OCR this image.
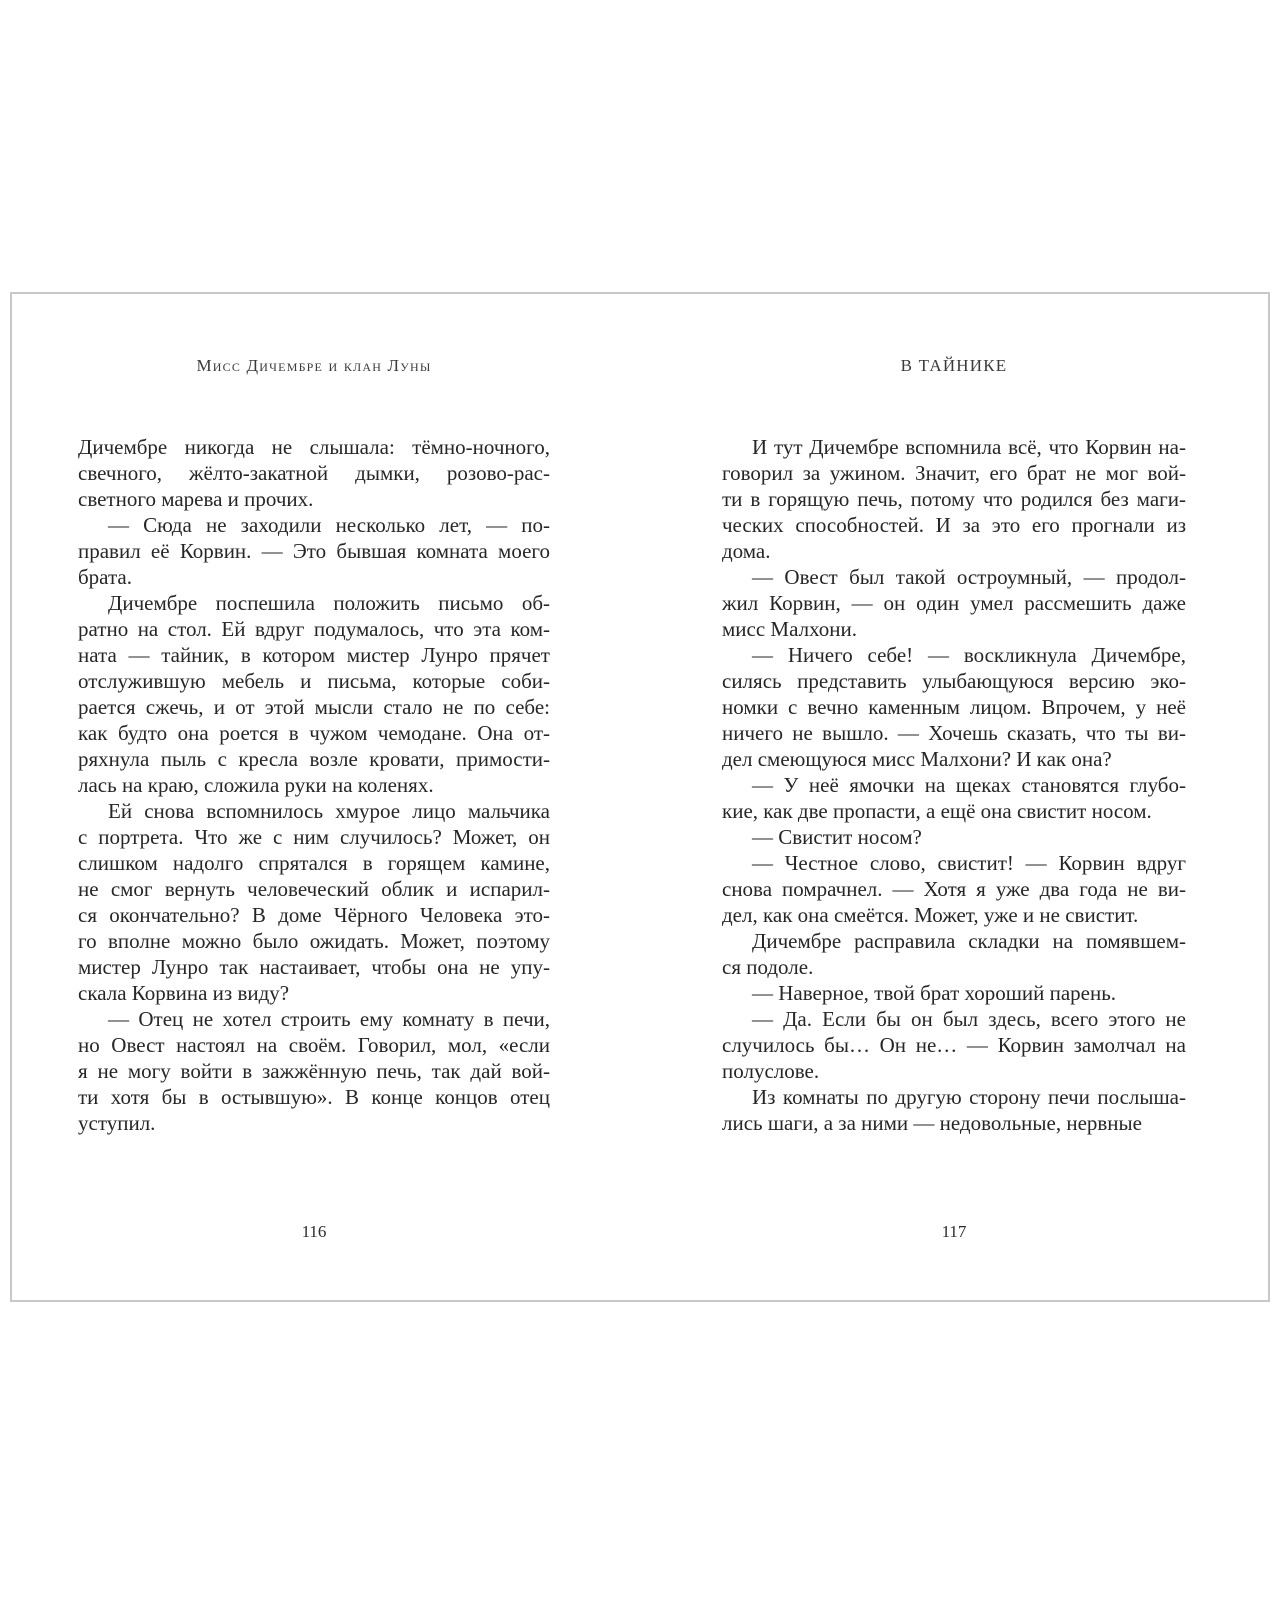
Мисс Дичембре и клан Луны
Дичембре никогда не слышала: тёмно-ночного,
свечного, жёлто-закатной дымки, розово-рас-
светного марева и прочих.
— Сюда не заходили несколько лет, — по-
правил её Корвин. — Это бывшая комната моего
брата.
Дичембре поспешила положить письмо об-
ратно на стол. Ей вдруг подумалось, что эта ком-
ната — тайник, в котором мистер Лунро прячет
отслужившую мебель и письма, которые соби-
рается сжечь, и от этой мысли стало не по себе:
как будто она роется в чужом чемодане. Она от-
ряхнула пыль с кресла возле кровати, примости-
лась на краю, сложила руки на коленях.
Ей снова вспомнилось хмурое лицо мальчика
с портрета. Что же с ним случилось? Может, он
слишком надолго спрятался в горящем камине,
не смог вернуть человеческий облик и испарил-
ся окончательно? В доме Чёрного Человека это-
го вполне можно было ожидать. Может, поэтому
мистер Лунро так настаивает, чтобы она не упу-
скала Корвина из виду?
— Отец не хотел строить ему комнату в печи,
но Овест настоял на своём. Говорил, мол, «если
я не могу войти в зажжённую печь, так дай вой-
ти хотя бы в остывшую». В конце концов отец
уступил.
116
В ТАЙНИКЕ
И тут Дичембре вспомнила всё, что Корвин на-
говорил за ужином. Значит, его брат не мог вой-
ти в горящую печь, потому что родился без маги-
ческих способностей. И за это его прогнали из
дома.
— Овест был такой остроумный, — продол-
жил Корвин, — он один умел рассмешить даже
мисс Малхони.
— Ничего себе! — воскликнула Дичембре,
силясь представить улыбающуюся версию эко-
номки с вечно каменным лицом. Впрочем, у неё
ничего не вышло. — Хочешь сказать, что ты ви-
дел смеющуюся мисс Малхони? И как она?
— У неё ямочки на щеках становятся глубо-
кие, как две пропасти, а ещё она свистит носом.
— Свистит носом?
— Честное слово, свистит! — Корвин вдруг
снова помрачнел. — Хотя я уже два года не ви-
дел, как она смеётся. Может, уже и не свистит.
Дичембре расправила складки на помявшем-
ся подоле.
— Наверное, твой брат хороший парень.
— Да. Если бы он был здесь, всего этого не
случилось бы… Он не… — Корвин замолчал на
полуслове.
Из комнаты по другую сторону печи послыша-
лись шаги, а за ними — недовольные, нервные
117
